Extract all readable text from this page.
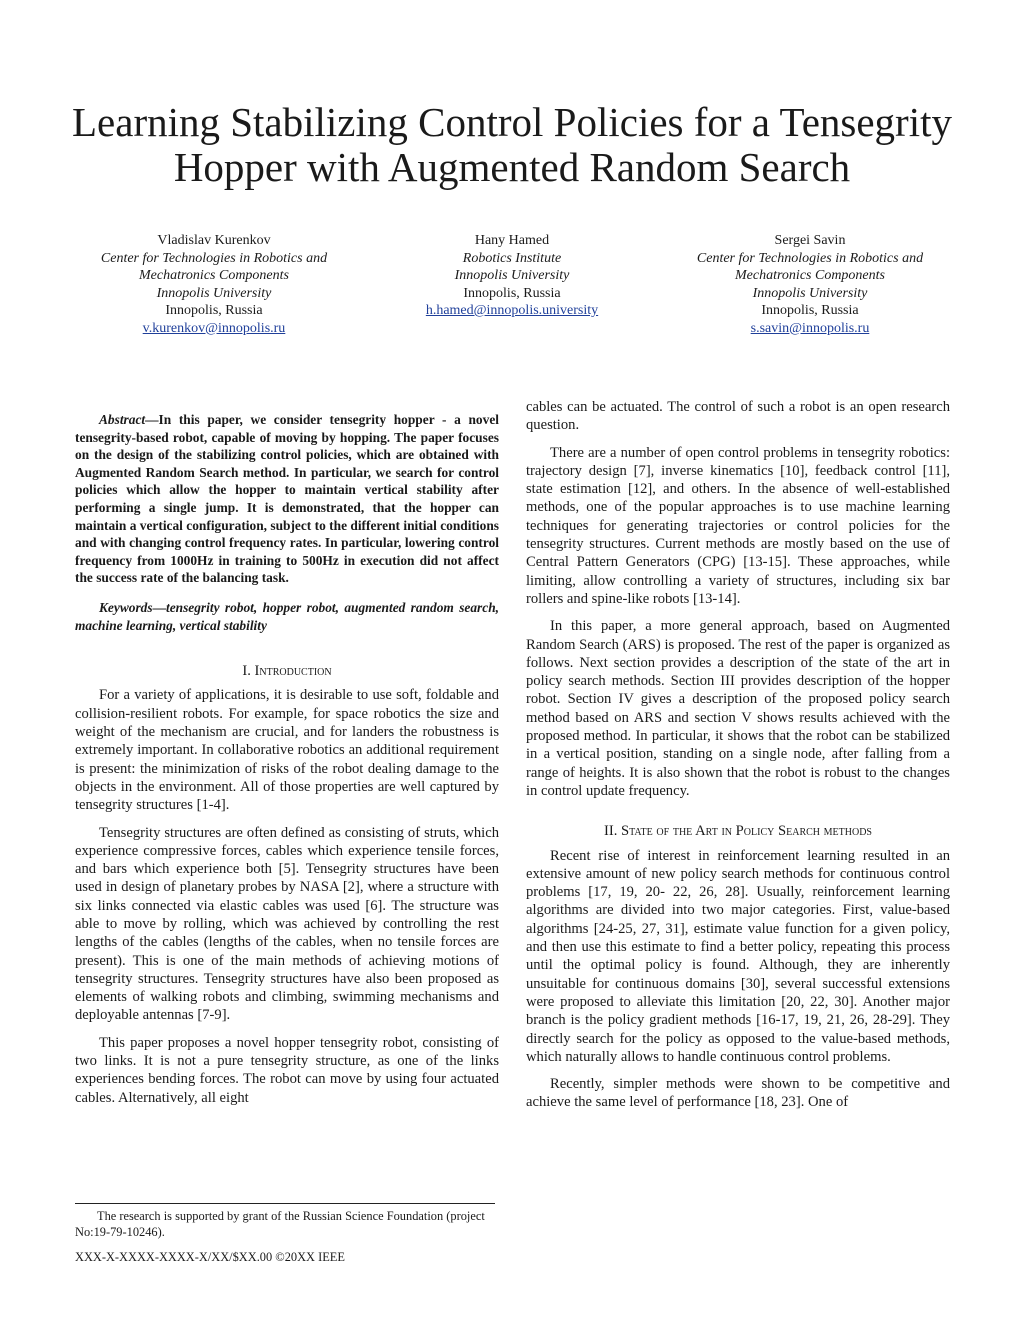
Learning Stabilizing Control Policies for a Tensegrity
Hopper with Augmented Random Search
Vladislav Kurenkov
Center for Technologies in Robotics and
Mechatronics Components
Innopolis University
Innopolis, Russia
v.kurenkov@innopolis.ru
Hany Hamed
Robotics Institute
Innopolis University
Innopolis, Russia
h.hamed@innopolis.university
Sergei Savin
Center for Technologies in Robotics and
Mechatronics Components
Innopolis University
Innopolis, Russia
s.savin@innopolis.ru

Abstract—In this paper, we consider tensegrity hopper - a novel tensegrity-based robot, capable of moving by hopping. The paper focuses on the design of the stabilizing control policies, which are obtained with Augmented Random Search method. In particular, we search for control policies which allow the hopper to maintain vertical stability after performing a single jump. It is demonstrated, that the hopper can maintain a vertical configuration, subject to the different initial conditions and with changing control frequency rates. In particular, lowering control frequency from 1000Hz in training to 500Hz in execution did not affect the success rate of the balancing task.

Keywords—tensegrity robot, hopper robot, augmented random search, machine learning, vertical stability

I. Introduction

For a variety of applications, it is desirable to use soft, foldable and collision-resilient robots. For example, for space robotics the size and weight of the mechanism are crucial, and for landers the robustness is extremely important. In collaborative robotics an additional requirement is present: the minimization of risks of the robot dealing damage to the objects in the environment. All of those properties are well captured by tensegrity structures [1-4].

Tensegrity structures are often defined as consisting of struts, which experience compressive forces, cables which experience tensile forces, and bars which experience both [5]. Tensegrity structures have been used in design of planetary probes by NASA [2], where a structure with six links connected via elastic cables was used [6]. The structure was able to move by rolling, which was achieved by controlling the rest lengths of the cables (lengths of the cables, when no tensile forces are present). This is one of the main methods of achieving motions of tensegrity structures. Tensegrity structures have also been proposed as elements of walking robots and climbing, swimming mechanisms and deployable antennas [7-9].

This paper proposes a novel hopper tensegrity robot, consisting of two links. It is not a pure tensegrity structure, as one of the links experiences bending forces. The robot can move by using four actuated cables. Alternatively, all eight

cables can be actuated. The control of such a robot is an open research question.

There are a number of open control problems in tensegrity robotics: trajectory design [7], inverse kinematics [10], feedback control [11], state estimation [12], and others. In the absence of well-established methods, one of the popular approaches is to use machine learning techniques for generating trajectories or control policies for the tensegrity structures. Current methods are mostly based on the use of Central Pattern Generators (CPG) [13-15]. These approaches, while limiting, allow controlling a variety of structures, including six bar rollers and spine-like robots [13-14].

In this paper, a more general approach, based on Augmented Random Search (ARS) is proposed. The rest of the paper is organized as follows. Next section provides a description of the state of the art in policy search methods. Section III provides description of the hopper robot. Section IV gives a description of the proposed policy search method based on ARS and section V shows results achieved with the proposed method. In particular, it shows that the robot can be stabilized in a vertical position, standing on a single node, after falling from a range of heights. It is also shown that the robot is robust to the changes in control update frequency.

II. State of the Art in Policy Search methods

Recent rise of interest in reinforcement learning resulted in an extensive amount of new policy search methods for continuous control problems [17, 19, 20- 22, 26, 28]. Usually, reinforcement learning algorithms are divided into two major categories. First, value-based algorithms [24-25, 27, 31], estimate value function for a given policy, and then use this estimate to find a better policy, repeating this process until the optimal policy is found. Although, they are inherently unsuitable for continuous domains [30], several successful extensions were proposed to alleviate this limitation [20, 22, 30]. Another major branch is the policy gradient methods [16-17, 19, 21, 26, 28-29]. They directly search for the policy as opposed to the value-based methods, which naturally allows to handle continuous control problems.

Recently, simpler methods were shown to be competitive and achieve the same level of performance [18, 23]. One of

The research is supported by grant of the Russian Science Foundation (project No:19-79-10246).
XXX-X-XXXX-XXXX-X/XX/$XX.00 ©20XX IEEE
